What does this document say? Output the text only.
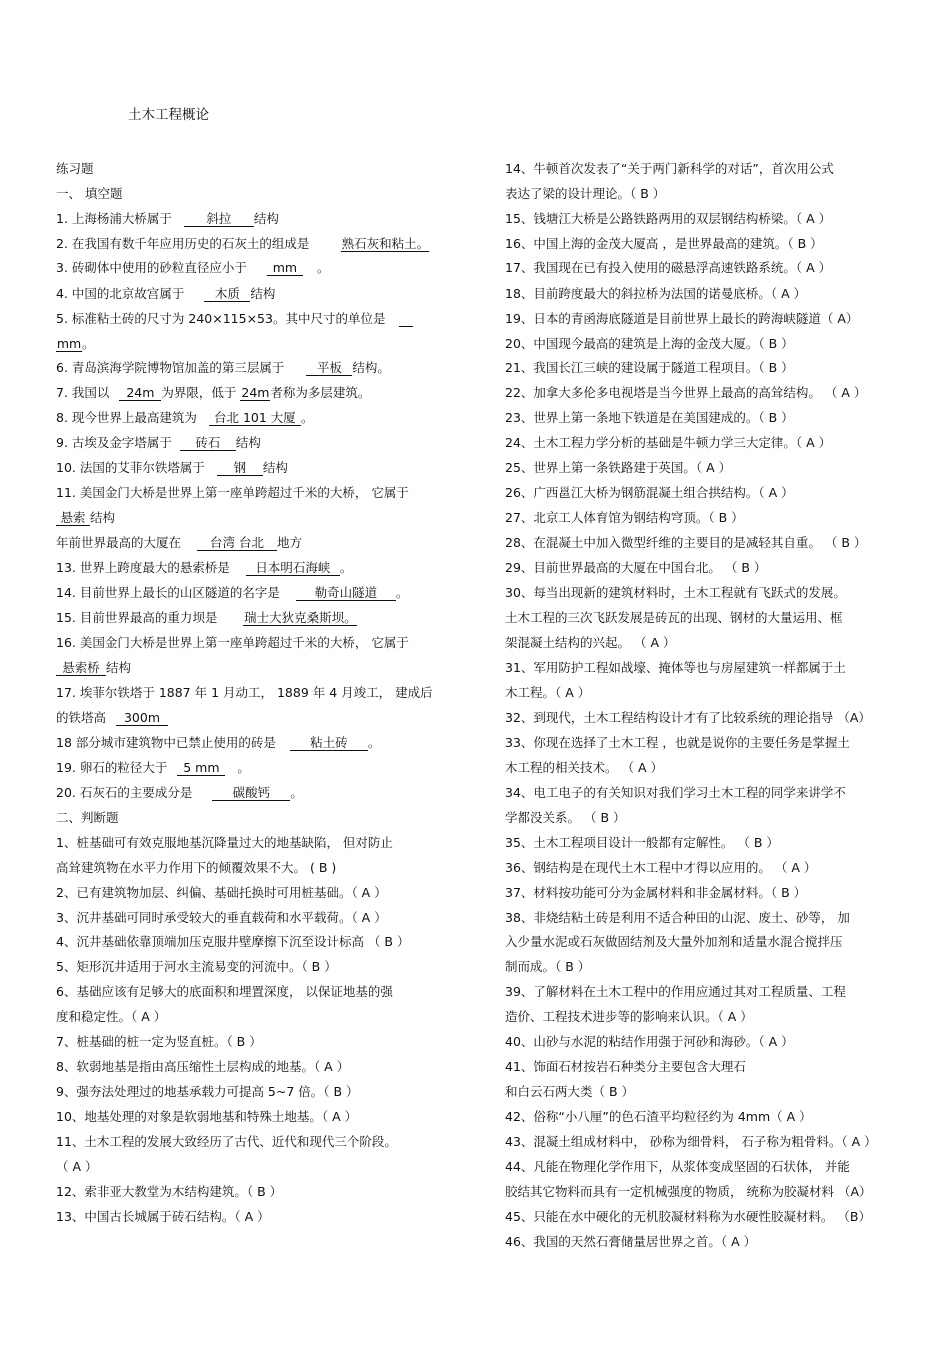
土木工程概论
练习题
一、 填空题
1. 上海杨浦大桥属于	斜拉 结构
2. 在我国有数千年应用历史的石灰土的组成是	熟石灰和粘土。
3. 砖砌体中使用的砂粒直径应小于 mm 。
4. 中国的北京故宫属于 木质 结构
5. 标准粘土砖的尺寸为 240×115×53。其中尺寸的单位是
mm。
6. 青岛滨海学院博物馆加盖的第三层属于	平板 结构。
7. 我国以 24m 为界限，低于 24m者称为多层建筑。
8. 现今世界上最高建筑为 台北 101 大厦 。
9. 古埃及金字塔属于 砖石 结构
10. 法国的艾菲尔铁塔属于 钢 结构
11. 美国金门大桥是世界上第一座单跨超过千米的大桥， 它属于
悬索 结构
年前世界最高的大厦在 台湾 台北 地方
13. 世界上跨度最大的悬索桥是 日本明石海峡 。
14. 目前世界上最长的山区隧道的名字是	勒奇山隧道 。
15. 目前世界最高的重力坝是 瑞士大狄克桑斯坝。
16. 美国金门大桥是世界上第一座单跨超过千米的大桥， 它属于
悬索桥 结构
17. 埃菲尔铁塔于 1887 年 1 月动工， 1889 年 4 月竣工， 建成后
的铁塔高 300m
18 部分城市建筑物中已禁止使用的砖是	粘土砖 。
19. 卵石的粒径大于 5 mm 。
20. 石灰石的主要成分是	碳酸钙 。
二、判断题
1、桩基础可有效克服地基沉降量过大的地基缺陷， 但对防止
高耸建筑物在水平力作用下的倾覆效果不大。 ( B )
2、已有建筑物加层、纠偏、基础托换时可用桩基础。（ A ）
3、沉井基础可同时承受较大的垂直载荷和水平载荷。（ A ）
4、沉井基础依靠顶端加压克服井壁摩擦下沉至设计标高 （ B ）
5、矩形沉井适用于河水主流易变的河流中。（ B ）
6、基础应该有足够大的底面积和埋置深度， 以保证地基的强
度和稳定性。（ A ）
7、桩基础的桩一定为竖直桩。（ B ）
8、软弱地基是指由高压缩性土层构成的地基。（ A ）
9、强夯法处理过的地基承载力可提高 5~7 倍。（ B ）
10、地基处理的对象是软弱地基和特殊土地基。（ A ）
11、土木工程的发展大致经历了古代、近代和现代三个阶段。
（ A ）
12、索非亚大教堂为木结构建筑。（ B ）
13、中国古长城属于砖石结构。（ A ）
14、牛顿首次发表了“关于两门新科学的对话”，首次用公式
表达了梁的设计理论。（ B ）
15、钱塘江大桥是公路铁路两用的双层钢结构桥梁。（ A ）
16、中国上海的金茂大厦高 ，是世界最高的建筑。（ B ）
17、我国现在已有投入使用的磁悬浮高速铁路系统。（ A ）
18、目前跨度最大的斜拉桥为法国的诺曼底桥。（ A ）
19、日本的青函海底隧道是目前世界上最长的跨海峡隧道（ A）
20、中国现今最高的建筑是上海的金茂大厦。（ B ）
21、我国长江三峡的建设属于隧道工程项目。（ B ）
22、加拿大多伦多电视塔是当今世界上最高的高耸结构。 （ A ）
23、世界上第一条地下铁道是在美国建成的。（ B ）
24、土木工程力学分析的基础是牛顿力学三大定律。（ A ）
25、世界上第一条铁路建于英国。（ A ）
26、广西邕江大桥为钢筋混凝土组合拱结构。（ A ）
27、北京工人体育馆为钢结构穹顶。（ B ）
28、在混凝土中加入微型纤维的主要目的是减轻其自重。 （ B ）
29、目前世界最高的大厦在中国台北。 （ B ）
30、每当出现新的建筑材料时，土木工程就有飞跃式的发展。
土木工程的三次飞跃发展是砖瓦的出现、钢材的大量运用、框
架混凝土结构的兴起。 （ A ）
31、军用防护工程如战壕、掩体等也与房屋建筑一样都属于土
木工程。（ A ）
32、到现代，土木工程结构设计才有了比较系统的理论指导 （A）
33、你现在选择了土木工程 ，也就是说你的主要任务是掌握土
木工程的相关技术。 （ A ）
34、电工电子的有关知识对我们学习土木工程的同学来讲学不
学都没关系。 （ B ）
35、土木工程项目设计一般都有定解性。 （ B ）
36、钢结构是在现代土木工程中才得以应用的。 （ A ）
37、材料按功能可分为金属材料和非金属材料。（ B ）
38、非烧结粘土砖是利用不适合种田的山泥、废土、砂等， 加
入少量水泥或石灰做固结剂及大量外加剂和适量水混合搅拌压
制而成。（ B ）
39、了解材料在土木工程中的作用应通过其对工程质量、工程
造价、工程技术进步等的影响来认识。（ A ）
40、山砂与水泥的粘结作用强于河砂和海砂。（ A ）
41、饰面石材按岩石种类分主要包含大理石
和白云石两大类（ B ）
42、俗称“小八厘”的色石渣平均粒径约为 4mm（ A ）
43、混凝土组成材料中， 砂称为细骨料， 石子称为粗骨料。（ A ）
44、凡能在物理化学作用下，从浆体变成坚固的石状体， 并能
胶结其它物料而具有一定机械强度的物质， 统称为胶凝材料 （A）
45、只能在水中硬化的无机胶凝材料称为水硬性胶凝材料。 （B）
46、我国的天然石膏储量居世界之首。（ A ）
